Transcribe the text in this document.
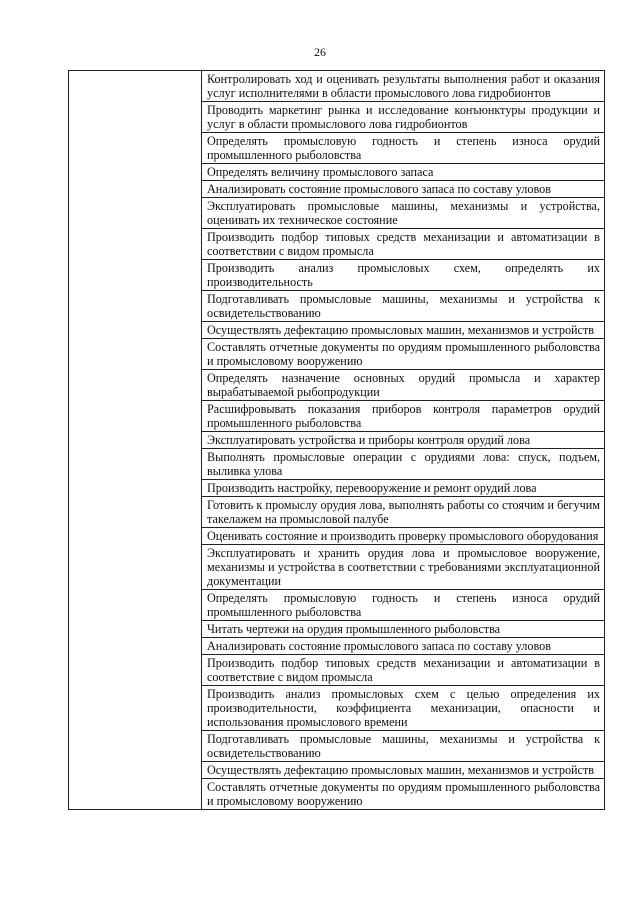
26
	Контролировать ход и оценивать результаты выполнения работ и оказания услуг исполнителями в области промыслового лова гидробионтов
Проводить маркетинг рынка и исследование конъюнктуры продукции и услуг в области промыслового лова гидробионтов
Определять промысловую годность и степень износа орудий промышленного рыболовства
Определять величину промыслового запаса
Анализировать состояние промыслового запаса по составу уловов
Эксплуатировать промысловые машины, механизмы и устройства, оценивать их техническое состояние
Производить подбор типовых средств механизации и автоматизации в соответствии с видом промысла
Производить анализ промысловых схем, определять их производительность
Подготавливать промысловые машины, механизмы и устройства к освидетельствованию
Осуществлять дефектацию промысловых машин, механизмов и устройств
Составлять отчетные документы по орудиям промышленного рыболовства и промысловому вооружению
Определять назначение основных орудий промысла и характер вырабатываемой рыбопродукции
Расшифровывать показания приборов контроля параметров орудий промышленного рыболовства
Эксплуатировать устройства и приборы контроля орудий лова
Выполнять промысловые операции с орудиями лова: спуск, подъем, выливка улова
Производить настройку, перевооружение и ремонт орудий лова
Готовить к промыслу орудия лова, выполнять работы со стоячим и бегучим такелажем на промысловой палубе
Оценивать состояние и производить проверку промыслового оборудования
Эксплуатировать и хранить орудия лова и промысловое вооружение, механизмы и устройства в соответствии с требованиями эксплуатационной документации
Определять промысловую годность и степень износа орудий промышленного рыболовства
Читать чертежи на орудия промышленного рыболовства
Анализировать состояние промыслового запаса по составу уловов
Производить подбор типовых средств механизации и автоматизации в соответствие с видом промысла
Производить анализ промысловых схем с целью определения их производительности, коэффициента механизации, опасности и использования промыслового времени
Подготавливать промысловые машины, механизмы и устройства к освидетельствованию
Осуществлять дефектацию промысловых машин, механизмов и устройств
Составлять отчетные документы по орудиям промышленного рыболовства и промысловому вооружению
